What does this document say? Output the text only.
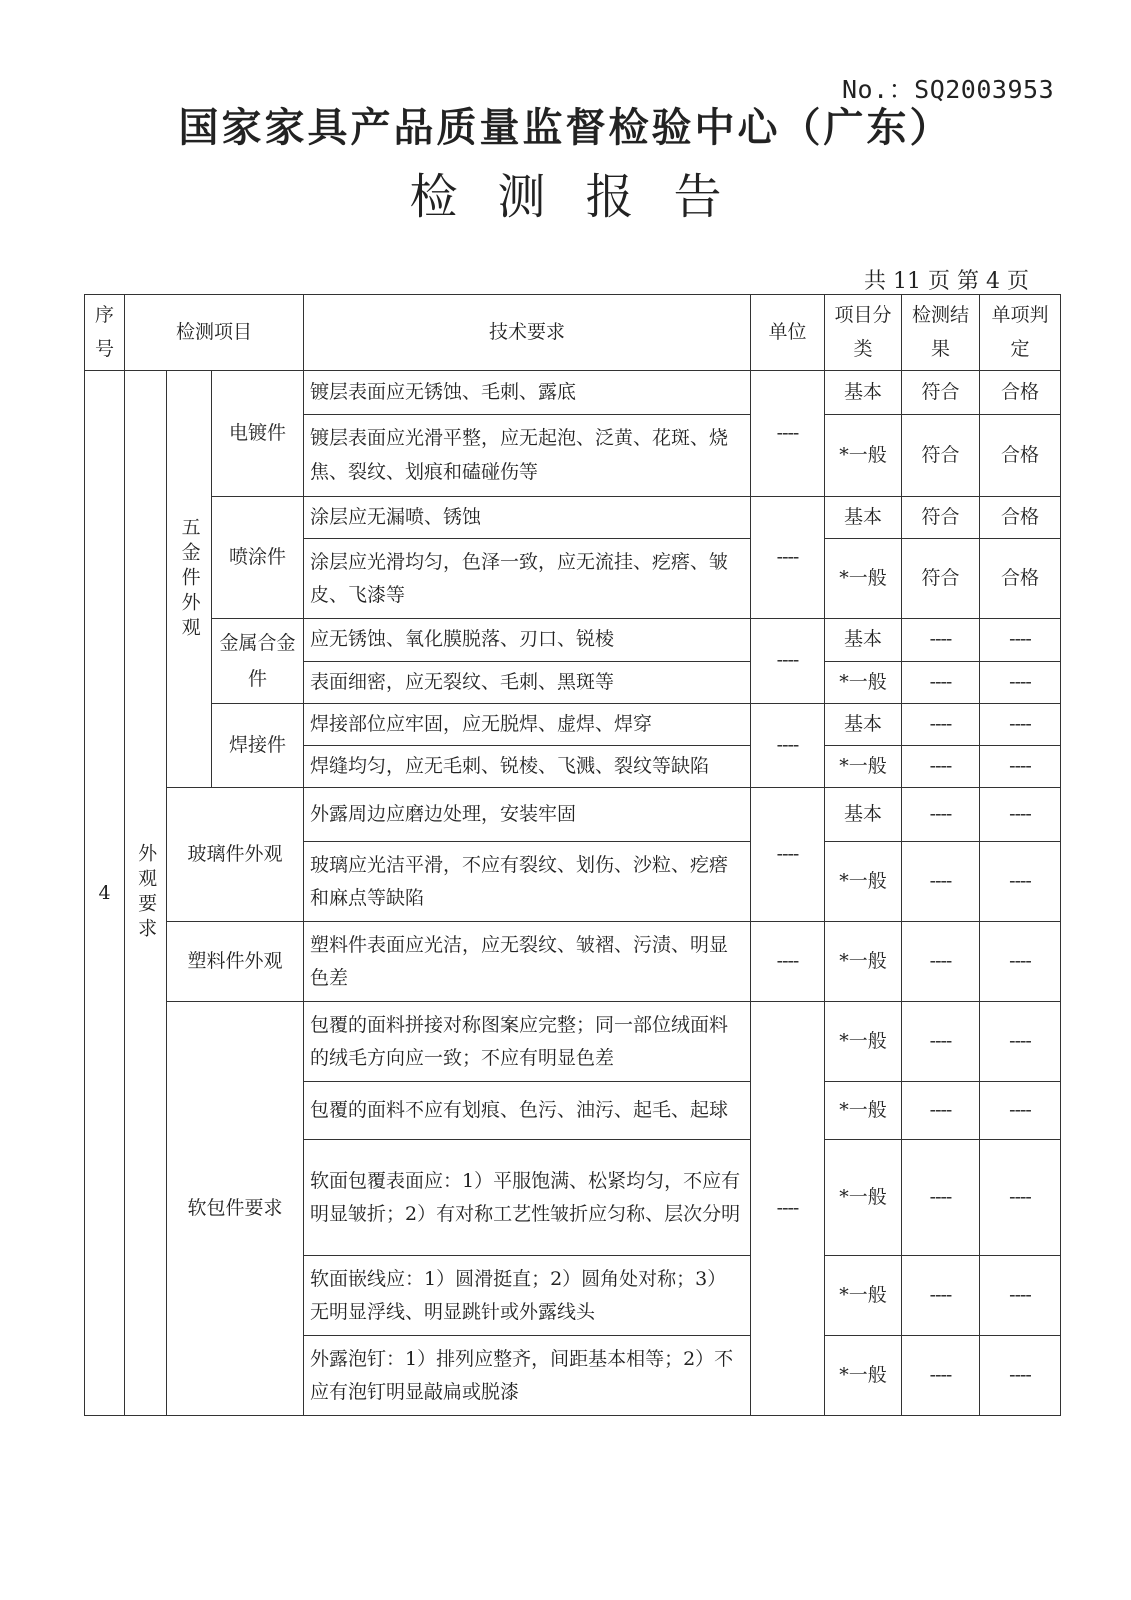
No.：SQ2003953
国家家具产品质量监督检验中心（广东）
检测报告
共 11 页 第 4 页
序号	检测项目			技术要求	单位	项目分类	检测结果	单项判定
4	外观要求	五金件外观	电镀件	镀层表面应无锈蚀、毛刺、露底	----	基本	符合	合格
				镀层表面应光滑平整，应无起泡、泛黄、花斑、烧焦、裂纹、划痕和磕碰伤等		*一般	符合	合格
			喷涂件	涂层应无漏喷、锈蚀	----	基本	符合	合格
				涂层应光滑均匀，色泽一致，应无流挂、疙瘩、皱皮、飞漆等		*一般	符合	合格
			金属合金件	应无锈蚀、氧化膜脱落、刃口、锐棱	----	基本	----	----
				表面细密，应无裂纹、毛刺、黑斑等		*一般	----	----
			焊接件	焊接部位应牢固，应无脱焊、虚焊、焊穿	----	基本	----	----
				焊缝均匀，应无毛刺、锐棱、飞溅、裂纹等缺陷		*一般	----	----
		玻璃件外观		外露周边应磨边处理，安装牢固	----	基本	----	----
				玻璃应光洁平滑，不应有裂纹、划伤、沙粒、疙瘩和麻点等缺陷		*一般	----	----
		塑料件外观		塑料件表面应光洁，应无裂纹、皱褶、污渍、明显色差	----	*一般	----	----
		软包件要求		包覆的面料拼接对称图案应完整；同一部位绒面料的绒毛方向应一致；不应有明显色差	----	*一般	----	----
				包覆的面料不应有划痕、色污、油污、起毛、起球		*一般	----	----
				软面包覆表面应：1）平服饱满、松紧均匀，不应有明显皱折；2）有对称工艺性皱折应匀称、层次分明		*一般	----	----
				软面嵌线应：1）圆滑挺直；2）圆角处对称；3）无明显浮线、明显跳针或外露线头		*一般	----	----
				外露泡钉：1）排列应整齐，间距基本相等；2）不应有泡钉明显敲扁或脱漆		*一般	----	----
